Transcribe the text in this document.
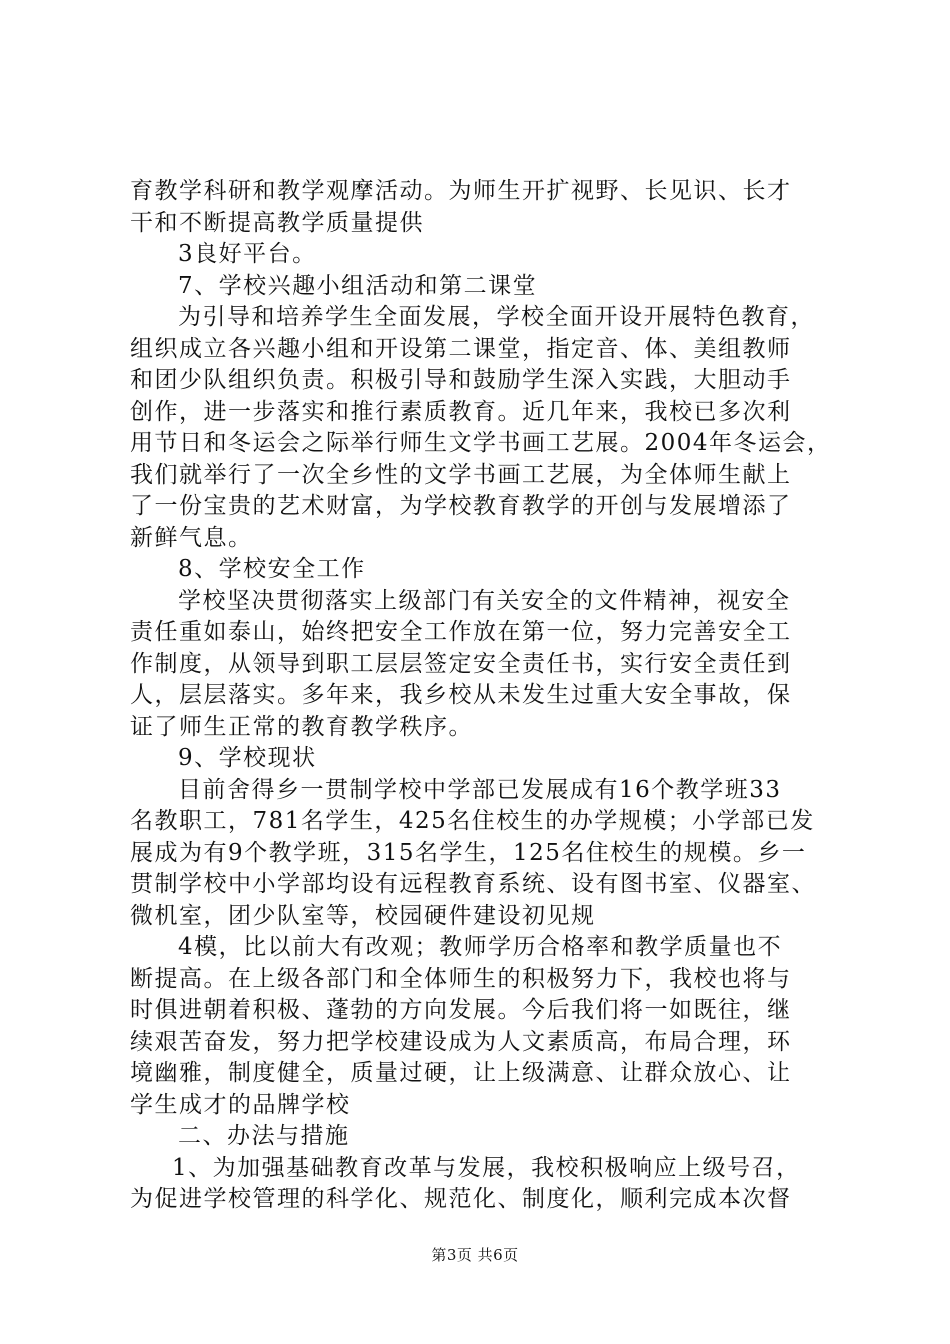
育教学科研和教学观摩活动。为师生开扩视野、长见识、长才
干和不断提高教学质量提供
3良好平台。
7、学校兴趣小组活动和第二课堂
为引导和培养学生全面发展，学校全面开设开展特色教育，
组织成立各兴趣小组和开设第二课堂，指定音、体、美组教师
和团少队组织负责。积极引导和鼓励学生深入实践，大胆动手
创作，进一步落实和推行素质教育。近几年来，我校已多次利
用节日和冬运会之际举行师生文学书画工艺展。2004年冬运会，
我们就举行了一次全乡性的文学书画工艺展，为全体师生献上
了一份宝贵的艺术财富，为学校教育教学的开创与发展增添了
新鲜气息。
8、学校安全工作
学校坚决贯彻落实上级部门有关安全的文件精神，视安全
责任重如泰山，始终把安全工作放在第一位，努力完善安全工
作制度，从领导到职工层层签定安全责任书，实行安全责任到
人，层层落实。多年来，我乡校从未发生过重大安全事故，保
证了师生正常的教育教学秩序。
9、学校现状
目前舍得乡一贯制学校中学部已发展成有16个教学班33
名教职工，781名学生，425名住校生的办学规模；小学部已发
展成为有9个教学班，315名学生，125名住校生的规模。乡一
贯制学校中小学部均设有远程教育系统、设有图书室、仪器室、
微机室，团少队室等，校园硬件建设初见规
4模，比以前大有改观；教师学历合格率和教学质量也不
断提高。在上级各部门和全体师生的积极努力下，我校也将与
时俱进朝着积极、蓬勃的方向发展。今后我们将一如既往，继
续艰苦奋发，努力把学校建设成为人文素质高，布局合理，环
境幽雅，制度健全，质量过硬，让上级满意、让群众放心、让
学生成才的品牌学校
二、办法与措施
1、为加强基础教育改革与发展，我校积极响应上级号召，
为促进学校管理的科学化、规范化、制度化，顺利完成本次督
第3页 共6页
